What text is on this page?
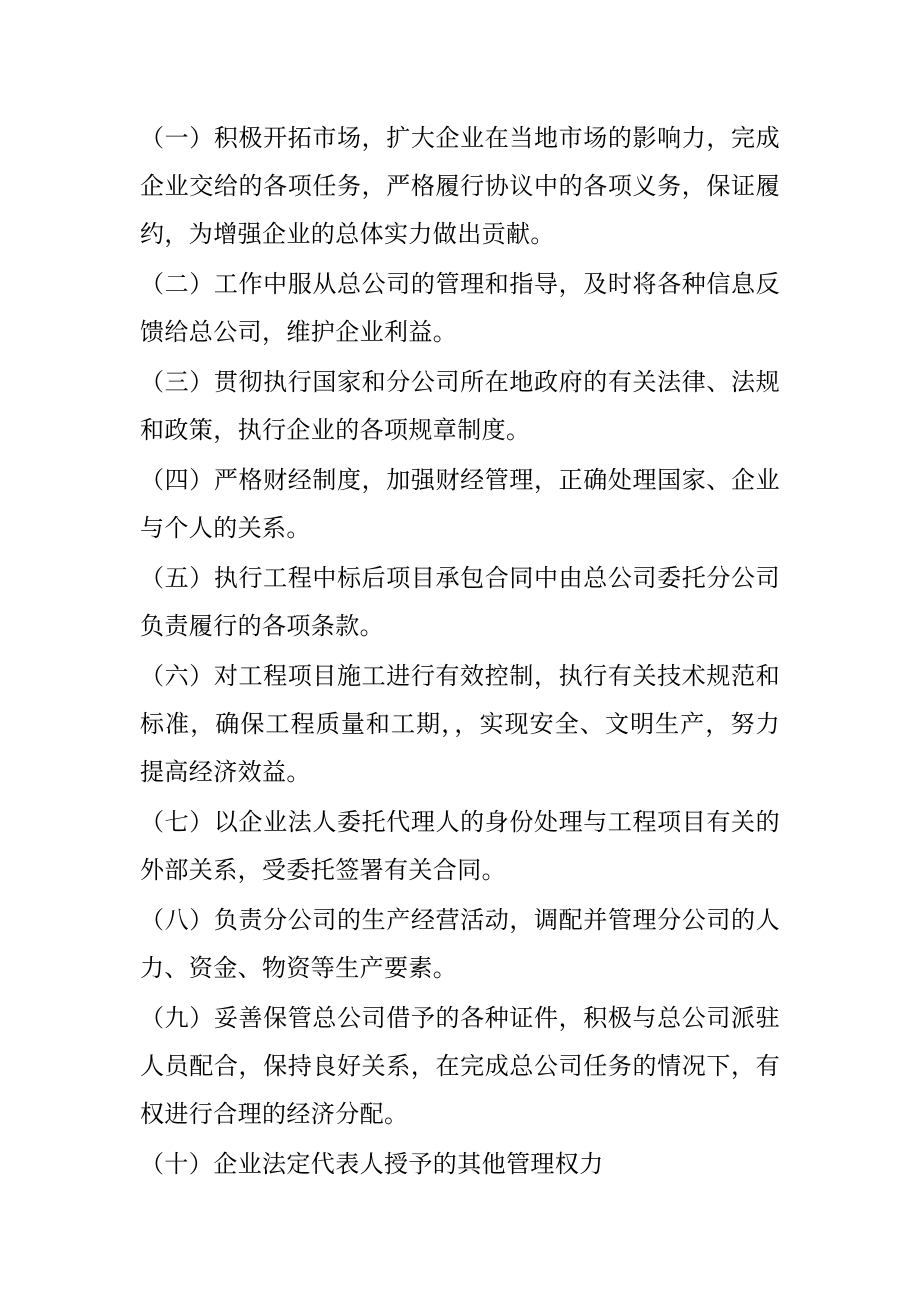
（一）积极开拓市场，扩大企业在当地市场的影响力，完成企业交给的各项任务，严格履行协议中的各项义务，保证履约，为增强企业的总体实力做出贡献。

（二）工作中服从总公司的管理和指导，及时将各种信息反馈给总公司，维护企业利益。

（三）贯彻执行国家和分公司所在地政府的有关法律、法规和政策，执行企业的各项规章制度。

（四）严格财经制度，加强财经管理，正确处理国家、企业与个人的关系。

（五）执行工程中标后项目承包合同中由总公司委托分公司负责履行的各项条款。

（六）对工程项目施工进行有效控制，执行有关技术规范和标准，确保工程质量和工期，，实现安全、文明生产，努力提高经济效益。

（七）以企业法人委托代理人的身份处理与工程项目有关的外部关系，受委托签署有关合同。

（八）负责分公司的生产经营活动，调配并管理分公司的人力、资金、物资等生产要素。

（九）妥善保管总公司借予的各种证件，积极与总公司派驻人员配合，保持良好关系，在完成总公司任务的情况下，有权进行合理的经济分配。

（十）企业法定代表人授予的其他管理权力
